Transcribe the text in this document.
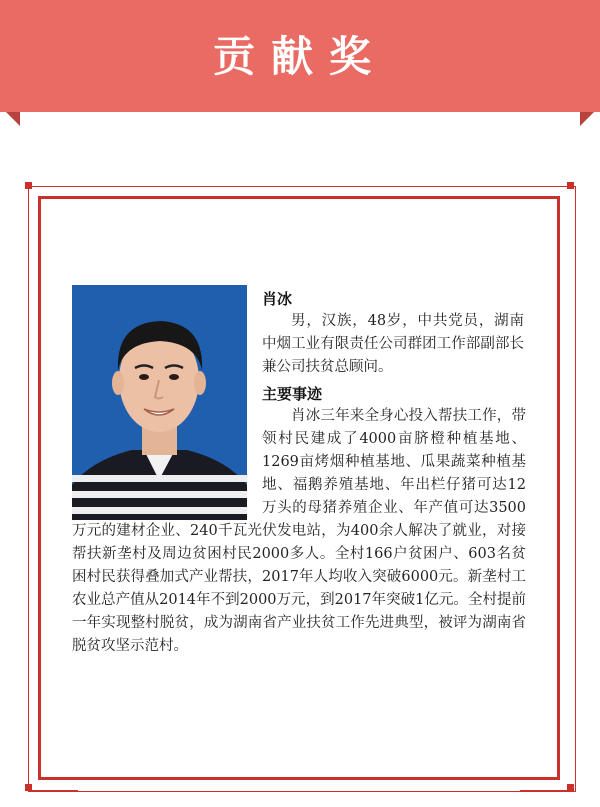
贡献奖
肖冰
男，汉族，48岁，中共党员，湖南中烟工业有限责任公司群团工作部副部长兼公司扶贫总顾问。
主要事迹

肖冰三年来全身心投入帮扶工作，带领村民建成了4000亩脐橙种植基地、1269亩烤烟种植基地、瓜果蔬菜种植基地、福鹅养殖基地、年出栏仔猪可达12万头的母猪养殖企业、年产值可达3500万元的建材企业、240千瓦光伏发电站，为400余人解决了就业，对接帮扶新垄村及周边贫困村民2000多人。全村166户贫困户、603名贫困村民获得叠加式产业帮扶，2017年人均收入突破6000元。新垄村工农业总产值从2014年不到2000万元，到2017年突破1亿元。全村提前一年实现整村脱贫，成为湖南省产业扶贫工作先进典型，被评为湖南省脱贫攻坚示范村。
